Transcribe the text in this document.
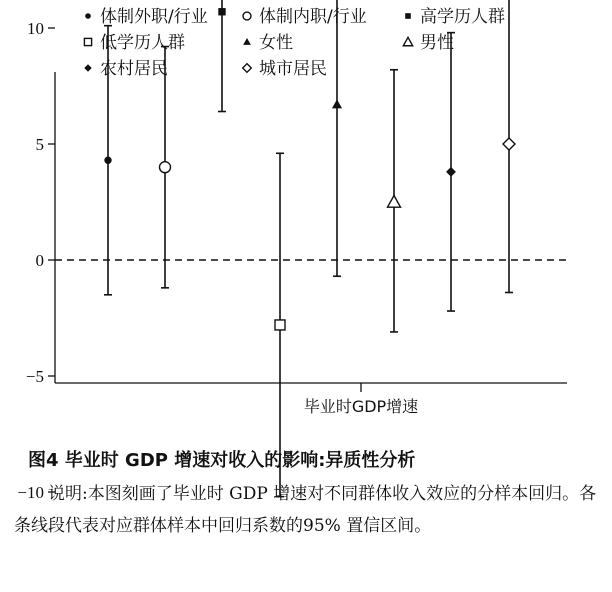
体制外职/行业	体制内职/行业	高学历人群
低学历人群	女性	男性
农村居民	城市居民
−10
−5
0
5
10
毕业时GDP增速
图4 毕业时 GDP 增速对收入的影响:异质性分析
说明:本图刻画了毕业时 GDP 增速对不同群体收入效应的分样本回归。各条线段代表对应群体样本中回归系数的95% 置信区间。
